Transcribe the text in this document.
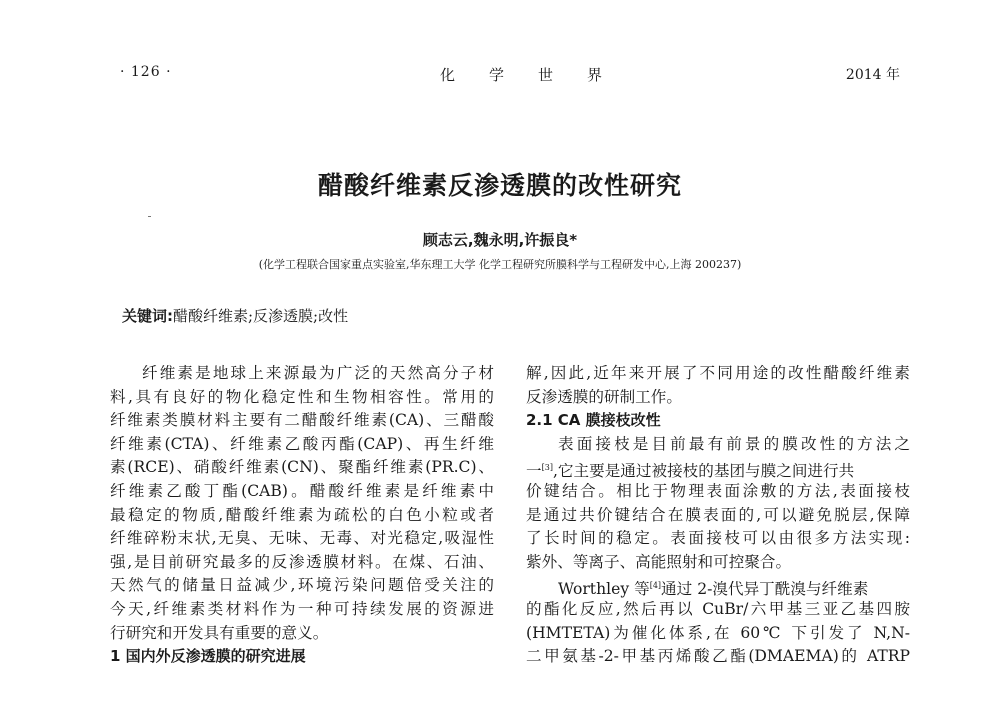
· 126 ·	化学世界	2014 年
醋酸纤维素反渗透膜的改性研究
顾志云,魏永明,许振良*
(化学工程联合国家重点实验室,华东理工大学 化学工程研究所膜科学与工程研发中心,上海 200237)
关键词:醋酸纤维素;反渗透膜;改性
纤维素是地球上来源最为广泛的天然高分子材
料,具有良好的物化稳定性和生物相容性。常用的
纤维素类膜材料主要有二醋酸纤维素(CA)、三醋酸
纤维素(CTA)、纤维素乙酸丙酯(CAP)、再生纤维
素(RCE)、硝酸纤维素(CN)、聚酯纤维素(PR.C)、
纤维素乙酸丁酯(CAB)。醋酸纤维素是纤维素中
最稳定的物质,醋酸纤维素为疏松的白色小粒或者
纤维碎粉末状,无臭、无味、无毒、对光稳定,吸湿性
强,是目前研究最多的反渗透膜材料。在煤、石油、
天然气的储量日益减少,环境污染问题倍受关注的
今天,纤维素类材料作为一种可持续发展的资源进
行研究和开发具有重要的意义。
1 国内外反渗透膜的研究进展
解,因此,近年来开展了不同用途的改性醋酸纤维素
反渗透膜的研制工作。
2.1 CA 膜接枝改性
表面接枝是目前最有前景的膜改性的方法之
一[3],它主要是通过被接枝的基团与膜之间进行共
价键结合。相比于物理表面涂敷的方法,表面接枝
是通过共价键结合在膜表面的,可以避免脱层,保障
了长时间的稳定。表面接枝可以由很多方法实现:
紫外、等离子、高能照射和可控聚合。
Worthley 等[4]通过 2-溴代异丁酰溴与纤维素
的酯化反应,然后再以 CuBr/六甲基三亚乙基四胺
(HMTETA)为催化体系,在 60℃ 下引发了 N,N-
二甲氨基-2-甲基丙烯酸乙酯(DMAEMA)的 ATRP
